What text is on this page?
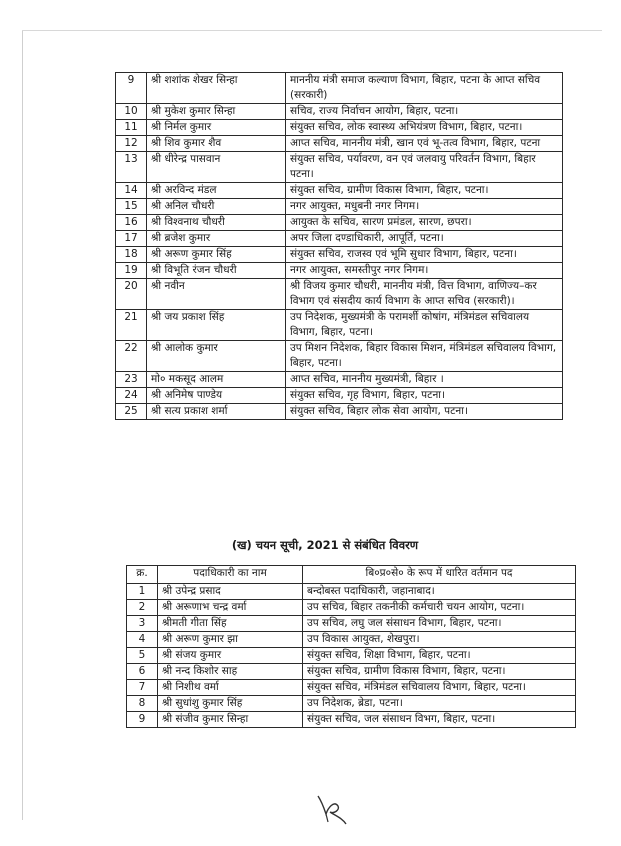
9	श्री शशांक शेखर सिन्हा	माननीय मंत्री समाज कल्याण विभाग, बिहार, पटना के आप्त सचिव (सरकारी)
10	श्री मुकेश कुमार सिन्हा	सचिव, राज्य निर्वाचन आयोग, बिहार, पटना।
11	श्री निर्मल कुमार	संयुक्त सचिव, लोक स्वास्थ्य अभियंत्रण विभाग, बिहार, पटना।
12	श्री शिव कुमार शैव	आप्त सचिव, माननीय मंत्री, खान एवं भू-तत्व विभाग, बिहार, पटना
13	श्री धीरेन्द्र पासवान	संयुक्त सचिव, पर्यावरण, वन एवं जलवायु परिवर्तन विभाग, बिहार पटना।
14	श्री अरविन्द मंडल	संयुक्त सचिव, ग्रामीण विकास विभाग, बिहार, पटना।
15	श्री अनिल चौधरी	नगर आयुक्त, मधुबनी नगर निगम।
16	श्री विश्वनाथ चौधरी	आयुक्त के सचिव, सारण प्रमंडल, सारण, छपरा।
17	श्री ब्रजेश कुमार	अपर जिला दण्डाधिकारी, आपूर्ति, पटना।
18	श्री अरूण कुमार सिंह	संयुक्त सचिव, राजस्व एवं भूमि सुधार विभाग, बिहार, पटना।
19	श्री विभूति रंजन चौधरी	नगर आयुक्त, समस्तीपुर नगर निगम।
20	श्री नवीन	श्री विजय कुमार चौधरी, माननीय मंत्री, वित्त विभाग, वाणिज्य–कर विभाग एवं संसदीय कार्य विभाग के आप्त सचिव (सरकारी)।
21	श्री जय प्रकाश सिंह	उप निदेशक, मुख्यमंत्री के परामर्शी कोषांग, मंत्रिमंडल सचिवालय विभाग, बिहार, पटना।
22	श्री आलोक कुमार	उप मिशन निदेशक, बिहार विकास मिशन, मंत्रिमंडल सचिवालय विभाग, बिहार, पटना।
23	मो० मकसूद आलम	आप्त सचिव, माननीय मुख्यमंत्री, बिहार ।
24	श्री अनिमेष पाण्डेय	संयुक्त सचिव, गृह विभाग, बिहार, पटना।
25	श्री सत्य प्रकाश शर्मा	संयुक्त सचिव, बिहार लोक सेवा आयोग, पटना।
(ख) चयन सूची, 2021 से संबंधित विवरण
क्र.	पदाधिकारी का नाम	बि०प्र०से० के रूप में धारित वर्तमान पद
1	श्री उपेन्द्र प्रसाद	बन्दोबस्त पदाधिकारी, जहानाबाद।
2	श्री अरूणाभ चन्द्र वर्मा	उप सचिव, बिहार तकनीकी कर्मचारी चयन आयोग, पटना।
3	श्रीमती गीता सिंह	उप सचिव, लघु जल संसाधन विभाग, बिहार, पटना।
4	श्री अरूण कुमार झा	उप विकास आयुक्त, शेखपुरा।
5	श्री संजय कुमार	संयुक्त सचिव, शिक्षा विभाग, बिहार, पटना।
6	श्री नन्द किशोर साह	संयुक्त सचिव, ग्रामीण विकास विभाग, बिहार, पटना।
7	श्री निशीथ वर्मा	संयुक्त सचिव, मंत्रिमंडल सचिवालय विभाग, बिहार, पटना।
8	श्री सुधांशु कुमार सिंह	उप निदेशक, ब्रेडा, पटना।
9	श्री संजीव कुमार सिन्हा	संयुक्त सचिव, जल संसाधन विभग, बिहार, पटना।
